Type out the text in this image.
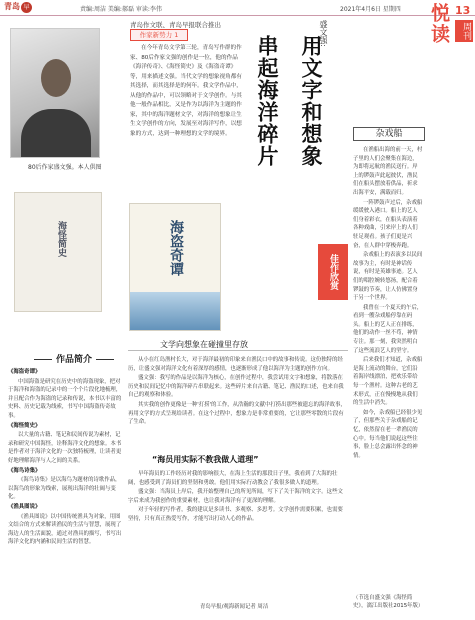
青岛 早	责编:周洁 美编:郝磊 审读:李伟	2021年4月6日 星期四 悦读 13
周刊
青岛作文联、青岛早报联合推出
作家新势力 1	盛文强:
用文字和想象
串起海洋碎片
80后作家盛文强。本人供图
在今年青岛文学第三轮，青岛写作群的作家、80后作家文强的创作是一位，他的作品《海洋传奇》、《海怪简史》及《海盗奇谭》等，用来描述文强。当代文学的想象视角都有其选择，而其选择是的何年。我文学作品中，从他的作品中，可以领略对于文学创作。与其他一般作品相比，又是作为以海洋为主题的作家，其中的海洋题材文学，对海洋的想象让生生文学创作的方向，发展至对海洋写作，以想象的方式，达到一种理想的文学的境界。
海怪简史	海盗奇谭	佳作欣赏
作品简介

《海盗奇谭》

中国海盗是研究在历史中的海盗现象，把对于海洋和海盗的记录中的一个个片段化地梳理，并且配合作为海盗的记录和传说，本书以丰富的史料、历史记载为线索，书写中国海盗传奇故事。

《海怪简史》

以大量的古籍、笔记和民间传说为素材，记录和研究中国海怪，诠释海洋文化的想象。本书是作者对于海洋文化的一次独特梳理，让读者更好地理解海洋与人之间的关系。

《海鸟诗集》

《海鸟诗集》是以海鸟为题材的诗歌作品，以海鸟的形象为线索，展现出海洋的壮阔与变化。

《渔具图说》

《渔具图说》以中国传统渔具为对象，用图文结合的方式来解读渔民的生活与智慧，展现了海边人的生活面貌，通过对渔具的描写，书写出海洋文化的内涵和民间生活的智慧。

文学向想象在碰撞里存放

从小在红岛渔村长大，对于海洋最初的印象来自渔民口中的故事和传说。这份独特的经历，让盛文强对海洋文化有着深厚的感情，也逐渐形成了他以海洋为主题的创作方向。

盛文强：我写的作品是以海洋为核心，在创作过程中，我尝试用文字和想象，将散落在历史和民间记忆中的海洋碎片串联起来。这些碎片来自古籍、笔记、渔民的口述，也来自我自己的观察和体验。

其实我的创作更像是一种'打捞'的工作，从浩瀚的文献中打捞出那些被遗忘的海洋故事，再用文学的方式呈现给读者。在这个过程中，想象力是非常重要的，它让那些零散的片段有了生命。

“海员用实际不教我做人道理”

早年海员的工作经历对我的影响很大，在海上生活的那段日子里，我看到了大海的壮阔，也感受到了海员们的坚韧和勇敢。他们用实际行动教会了我很多做人的道理。

盛文强：当海员上岸后，我开始整理自己的所见所闻，写下了关于海洋的文字。这些文字后来成为我创作的重要素材，也让我对海洋有了更深的理解。

对于年轻的写作者，我的建议是多读书、多观察、多思考。文学创作需要积累，也需要坚持，只有真正热爱写作，才能写出打动人心的作品。

青岛早报/观海新闻记者 周洁
杂戏船

在渔船出海的前一天，村子里的人们会聚集在海边，为即将远航的渔民送行。岸上的锣鼓声此起彼伏，渔民们在船头摆放着供品，祈求出海平安，满载而归。

一阵锣鼓声过后，杂戏船缓缓驶入港口。船上的艺人们身着彩衣，在船头表演着各种戏曲，引来岸上的人们驻足观看。孩子们更是兴奋，在人群中穿梭奔跑。

杂戏船上的表演多以民间故事为主，有时是神话传说，有时是英雄事迹。艺人们的唱腔婉转悠扬，配合着锣鼓的节奏，让人仿佛置身于另一个世界。

我曾在一个夏天的午后，看到一艘杂戏船停靠在码头。船上的艺人正在排练，他们的动作一丝不苟，神情专注。那一刻，我突然明白了这些流浪艺人的坚守。

后来我们才知道，杂戏船是海上流动的舞台，它们沿着海岸线漂泊，把欢乐带给每一个渔村。这种古老的艺术形式，正在慢慢地从我们的生活中消失。

如今，杂戏船已经很少见了，但那些关于杂戏船的记忆，依然留在老一辈渔民的心中。每当他们说起这些往事，脸上总会露出怀念的神情。

（节选自盛文强《海怪简史》，漓江出版社2015年版）
